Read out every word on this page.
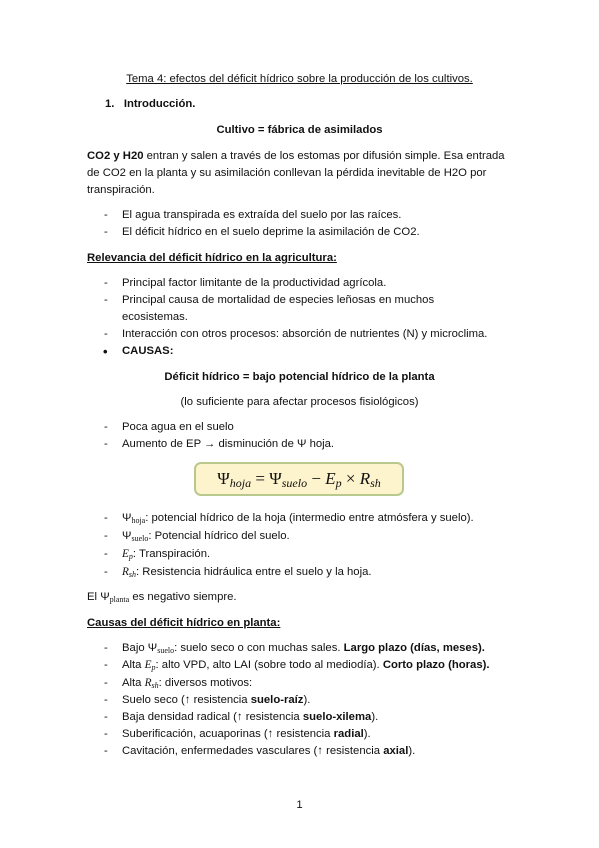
Tema 4: efectos del déficit hídrico sobre la producción de los cultivos.
1. Introducción.
Cultivo = fábrica de asimilados
CO2 y H20 entran y salen a través de los estomas por difusión simple. Esa entrada
de CO2 en la planta y su asimilación conllevan la pérdida inevitable de H2O por
transpiración.
- El agua transpirada es extraída del suelo por las raíces.
- El déficit hídrico en el suelo deprime la asimilación de CO2.
Relevancia del déficit hídrico en la agricultura:
- Principal factor limitante de la productividad agrícola.
- Principal causa de mortalidad de especies leñosas en muchos
ecosistemas.
- Interacción con otros procesos: absorción de nutrientes (N) y microclima.
• CAUSAS:
Déficit hídrico = bajo potencial hídrico de la planta
(lo suficiente para afectar procesos fisiológicos)
- Poca agua en el suelo
- Aumento de EP → disminución de Ψ hoja.
Ψhoja = Ψsuelo − Ep × Rsh
- $\Psi_{hoja}$: potencial hídrico de la hoja (intermedio entre atmósfera y suelo).
- $\Psi_{suelo}$: Potencial hídrico del suelo.
- $E_p$: Transpiración.
- $R_{sh}$: Resistencia hidráulica entre el suelo y la hoja.
El $\Psi_{planta}$ es negativo siempre.
Causas del déficit hídrico en planta:
- Bajo $\Psi_{suelo}$: suelo seco o con muchas sales. Largo plazo (días, meses).
- Alta $E_p$: alto VPD, alto LAI (sobre todo al mediodía). Corto plazo (horas).
- Alta $R_{sh}$: diversos motivos:
- Suelo seco (↑ resistencia suelo-raíz).
- Baja densidad radical (↑ resistencia suelo-xilema).
- Suberificación, acuaporinas (↑ resistencia radial).
- Cavitación, enfermedades vasculares (↑ resistencia axial).
1
